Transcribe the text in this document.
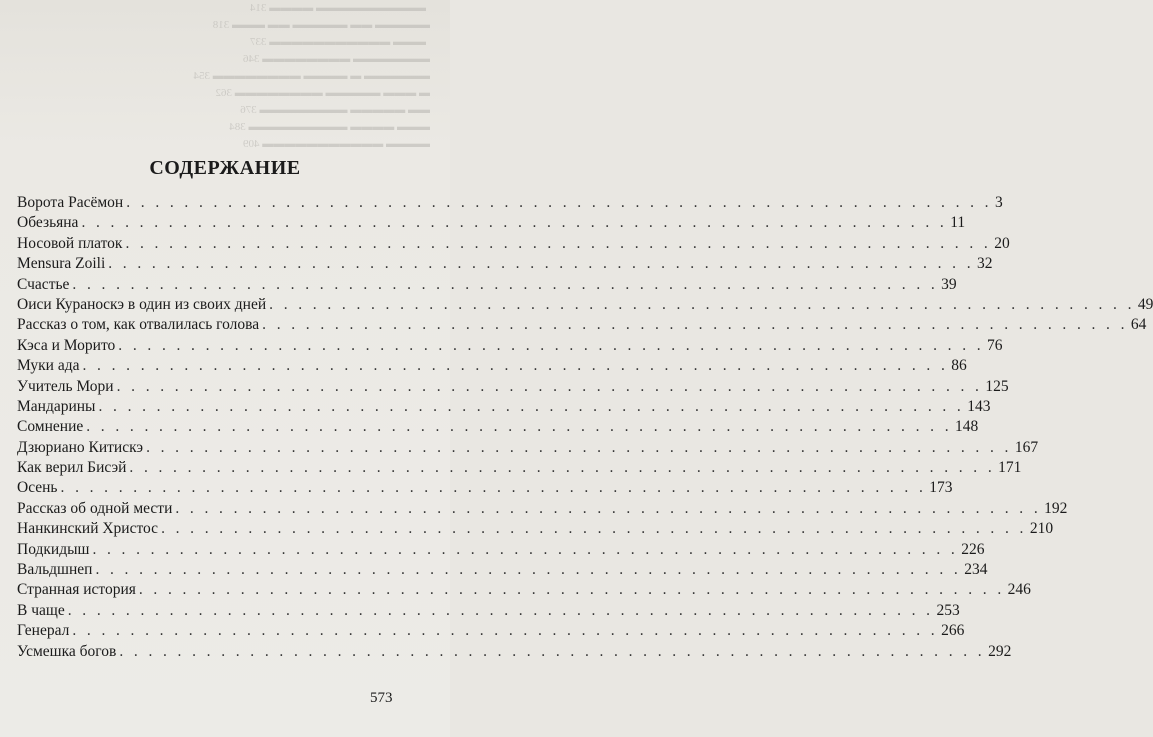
▬▬▬▬▬▬▬▬▬▬ ▬▬▬▬ 314
▬▬▬▬▬ ▬▬ ▬▬▬▬▬ ▬▬ ▬▬▬ 318
▬▬▬ ▬▬▬▬▬▬▬▬▬▬▬ 337
▬▬▬▬▬▬▬ ▬▬▬▬▬▬▬▬ 346
▬▬▬▬▬▬ ▬ ▬▬▬▬ ▬▬▬▬▬▬▬▬ 354
▬ ▬▬▬ ▬▬▬▬▬ ▬▬▬▬▬▬▬▬ 362
▬▬ ▬▬▬▬▬ ▬▬▬▬▬▬▬▬ 376
▬▬▬ ▬▬▬▬ ▬▬▬▬▬▬▬▬▬ 384
▬▬▬▬ ▬▬▬▬▬▬▬▬▬▬▬ 409
СОДЕРЖАНИЕ
Ворота Расёмон . . .	3
Обезьяна . . .	11
Носовой платок . . .	20
Mensura Zoili . . .	32
Счастье . . .	39
Оиси Куранoскэ в один из своих дней . . .	49
Рассказ о том, как отвалилась голова . . .	64
Кэса и Морито . . .	76
Муки ада . . .	86
Учитель Мори . . .	125
Мандарины . . .	143
Сомнение . . .	148
Дзюриано Китискэ . . .	167
Как верил Бисэй . . .	171
Осень . . .	173
Рассказ об одной мести . . .	192
Нанкинский Христос . . .	210
Подкидыш . . .	226
Вальдшнеп . . .	234
Странная история . . .	246
В чаще . . .	253
Генерал . . .	266
Усмешка богов . . .	292

573
